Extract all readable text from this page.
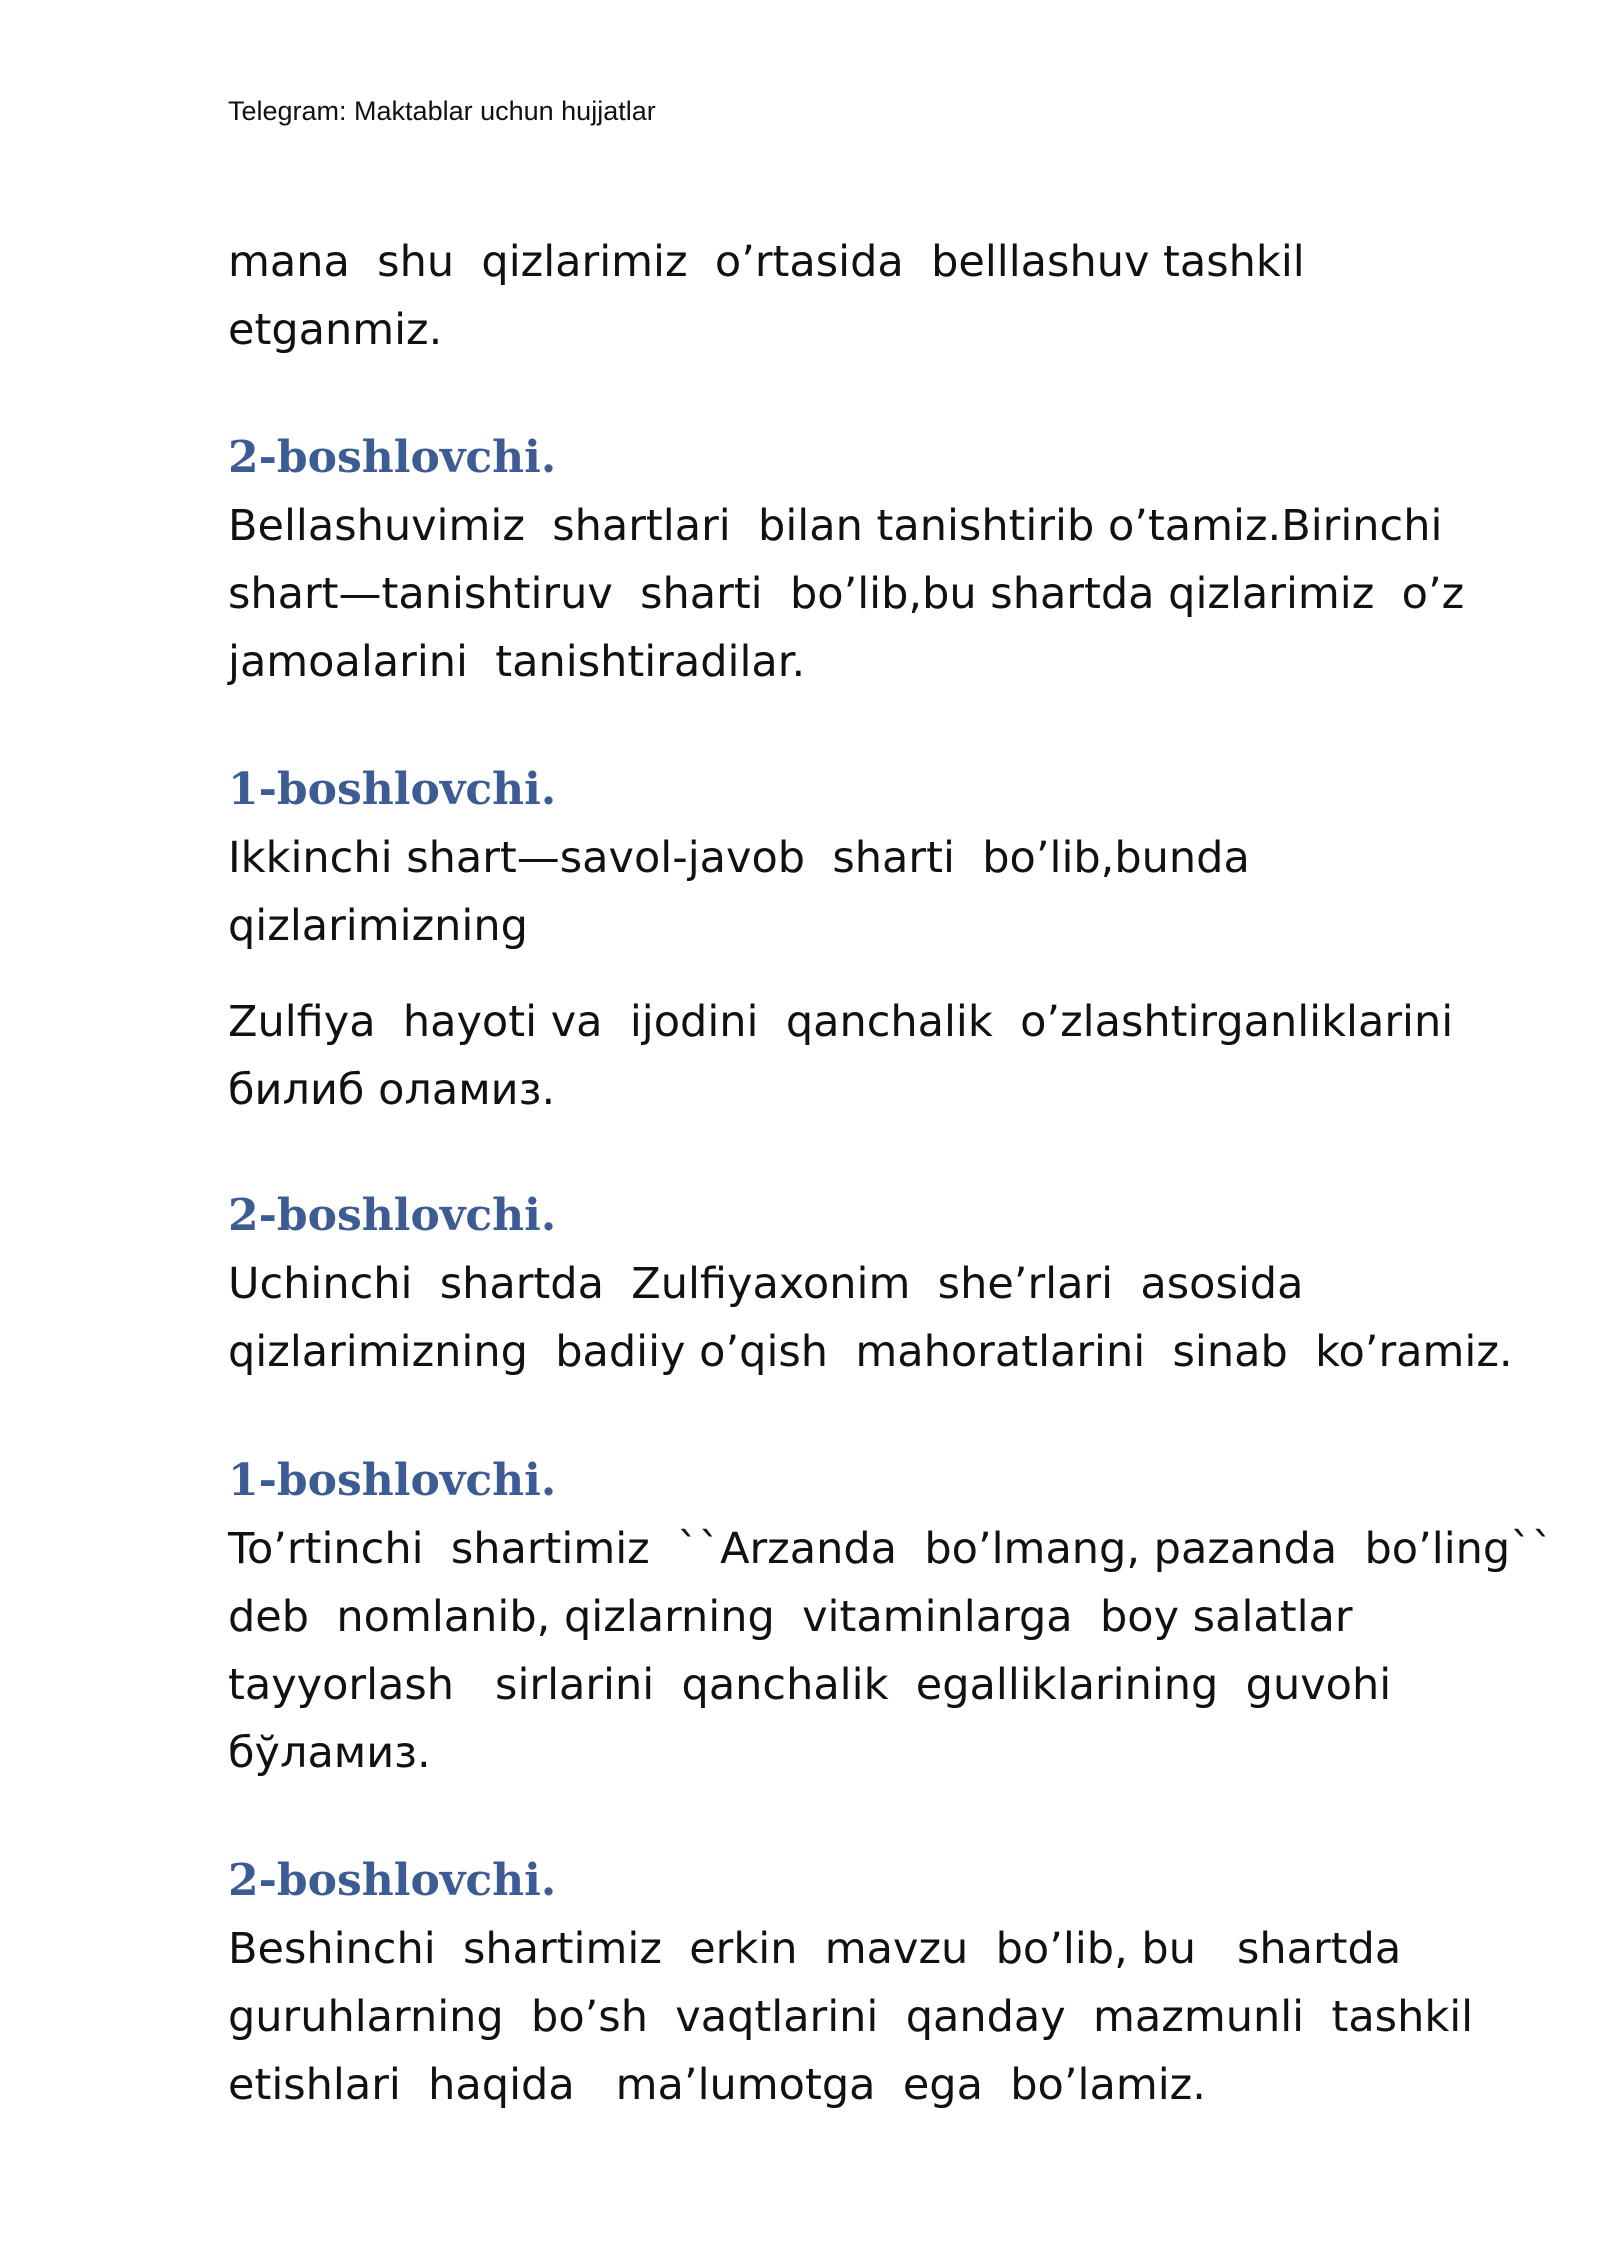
Telegram: Maktablar uchun hujjatlar
mana  shu  qizlarimiz  o’rtasida  belllashuv tashkil
etganmiz.
2-boshlovchi.
Bellashuvimiz  shartlari  bilan tanishtirib o’tamiz.Birinchi
shart—tanishtiruv  sharti  bo’lib,bu shartda qizlarimiz  o’z
jamoalarini  tanishtiradilar.
1-boshlovchi.
Ikkinchi shart—savol-javob  sharti  bo’lib,bunda
qizlarimizning
Zulfiya  hayoti va  ijodini  qanchalik  o’zlashtirganliklarini
билиб оламиз.
2-boshlovchi.
Uchinchi  shartda  Zulfiyaxonim  she’rlari  asosida
qizlarimizning  badiiy o’qish  mahoratlarini  sinab  ko’ramiz.
1-boshlovchi.
To’rtinchi  shartimiz  ``Arzanda  bo’lmang, pazanda  bo’ling``
deb  nomlanib, qizlarning  vitaminlarga  boy salatlar
tayyorlash   sirlarini  qanchalik  egalliklarining  guvohi
бўламиз.
2-boshlovchi.
Beshinchi  shartimiz  erkin  mavzu  bo’lib, bu   shartda
guruhlarning  bo’sh  vaqtlarini  qanday  mazmunli  tashkil
etishlari  haqida   ma’lumotga  ega  bo’lamiz.
